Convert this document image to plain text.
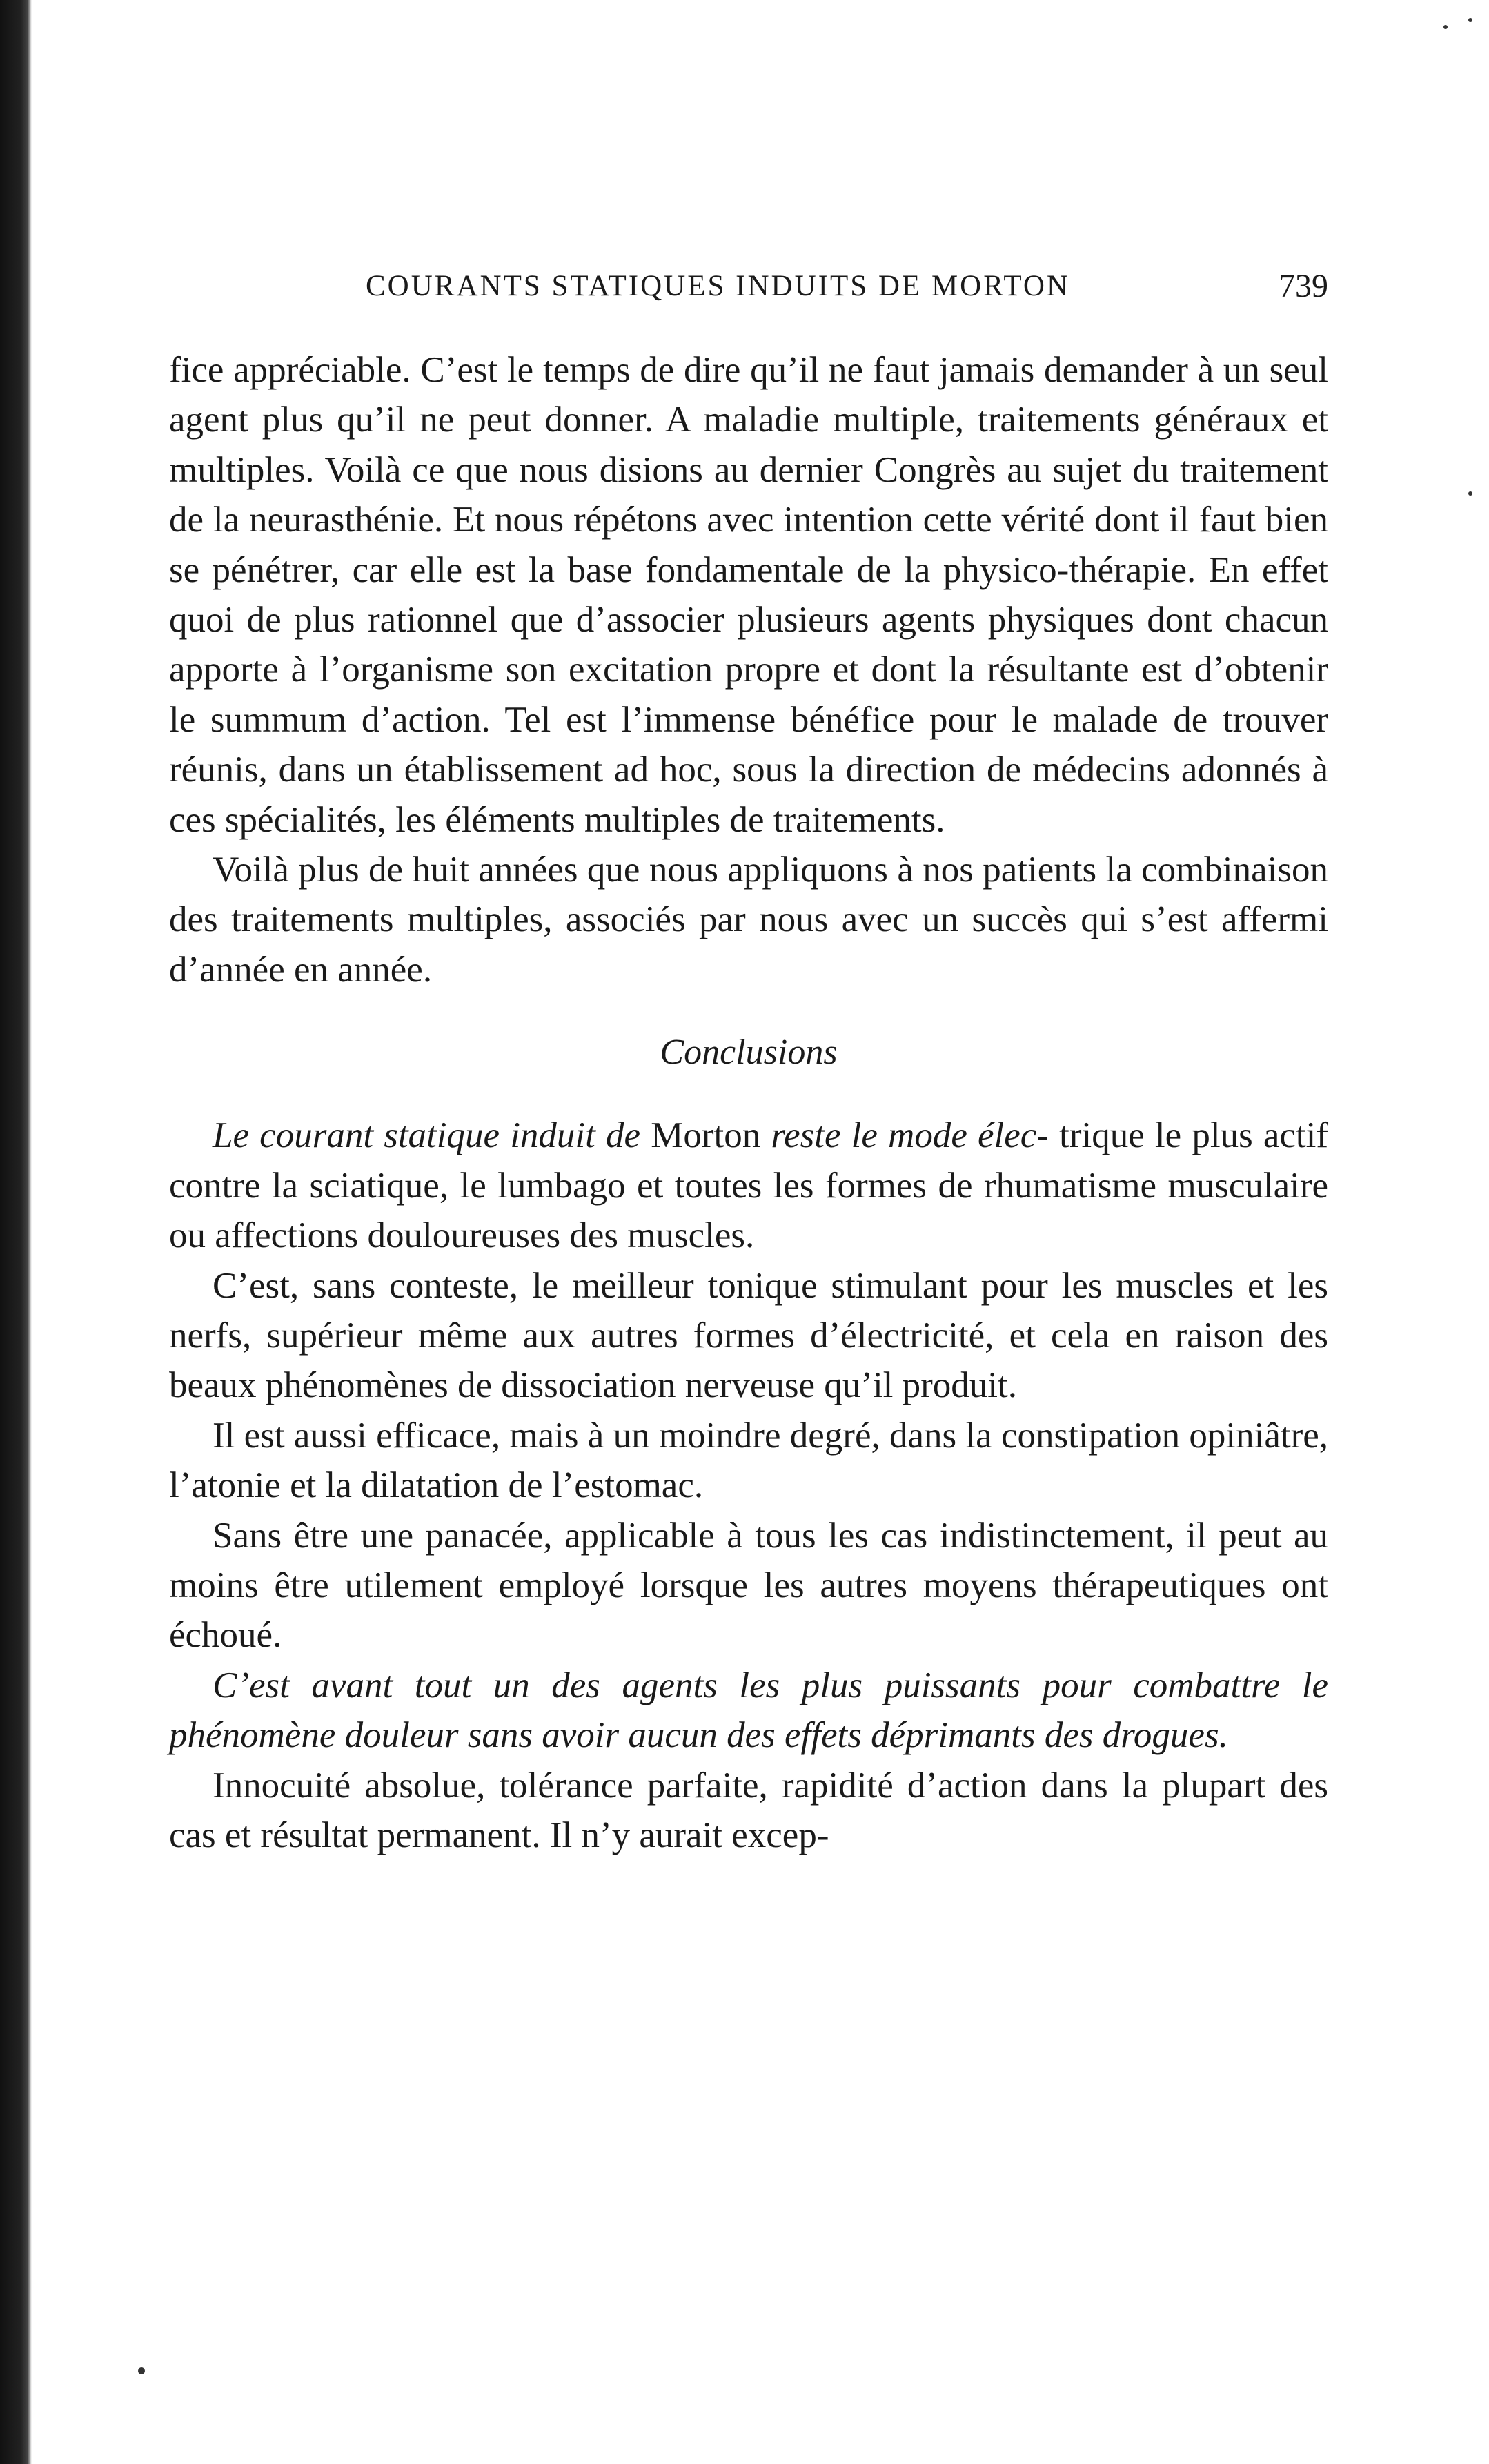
COURANTS STATIQUES INDUITS DE MORTON	739

fice appréciable. C’est le temps de dire qu’il ne faut jamais demander à un seul agent plus qu’il ne peut donner. A maladie multiple, traitements généraux et multiples. Voilà ce que nous disions au dernier Congrès au sujet du traitement de la neurasthénie. Et nous répétons avec intention cette vérité dont il faut bien se pénétrer, car elle est la base fondamentale de la physico-thérapie. En effet quoi de plus rationnel que d’associer plusieurs agents physiques dont chacun apporte à l’organisme son excitation propre et dont la résultante est d’obtenir le summum d’action. Tel est l’immense bénéfice pour le malade de trouver réunis, dans un établissement ad hoc, sous la direction de médecins adonnés à ces spécialités, les éléments multiples de traitements.

Voilà plus de huit années que nous appliquons à nos patients la combinaison des traitements multiples, associés par nous avec un succès qui s’est affermi d’année en année.

Conclusions

Le courant statique induit de Morton reste le mode élec- trique le plus actif contre la sciatique, le lumbago et toutes les formes de rhumatisme musculaire ou affections douloureuses des muscles.

C’est, sans conteste, le meilleur tonique stimulant pour les muscles et les nerfs, supérieur même aux autres formes d’électricité, et cela en raison des beaux phénomènes de dissociation nerveuse qu’il produit.

Il est aussi efficace, mais à un moindre degré, dans la constipation opiniâtre, l’atonie et la dilatation de l’estomac.

Sans être une panacée, applicable à tous les cas indistinctement, il peut au moins être utilement employé lorsque les autres moyens thérapeutiques ont échoué.

C’est avant tout un des agents les plus puissants pour combattre le phénomène douleur sans avoir aucun des effets déprimants des drogues.

Innocuité absolue, tolérance parfaite, rapidité d’action dans la plupart des cas et résultat permanent. Il n’y aurait excep-
